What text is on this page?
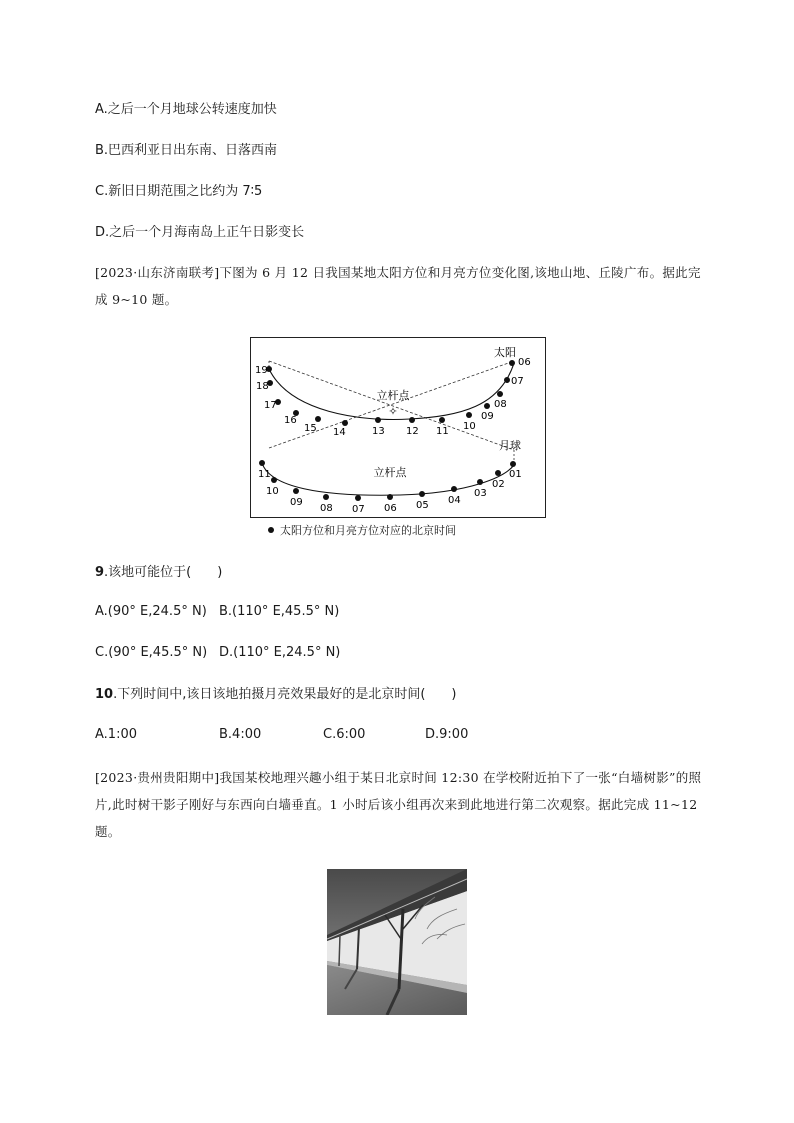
A.之后一个月地球公转速度加快
B.巴西利亚日出东南、日落西南
C.新旧日期范围之比约为 7∶5
D.之后一个月海南岛上正午日影变长
[2023·山东济南联考]下图为 6 月 12 日我国某地太阳方位和月亮方位变化图,该地山地、丘陵广布。据此完成 9~10 题。
✧
立杆点
立杆点
太阳
月球
19
18
17
16
15 14	13 12 11 10
09
08
07
06
11
10
09
08 07 06 05 04
03
02
01
太阳方位和月亮方位对应的北京时间
9.该地可能位于(　　)
A.(90° E,24.5° N) B.(110° E,45.5° N)
C.(90° E,45.5° N) D.(110° E,24.5° N)
10.下列时间中,该日该地拍摄月亮效果最好的是北京时间(　　)
A.1:00	B.4:00	C.6:00	D.9:00
[2023·贵州贵阳期中]我国某校地理兴趣小组于某日北京时间 12:30 在学校附近拍下了一张“白墙树影”的照片,此时树干影子刚好与东西向白墙垂直。1 小时后该小组再次来到此地进行第二次观察。据此完成 11~12 题。
